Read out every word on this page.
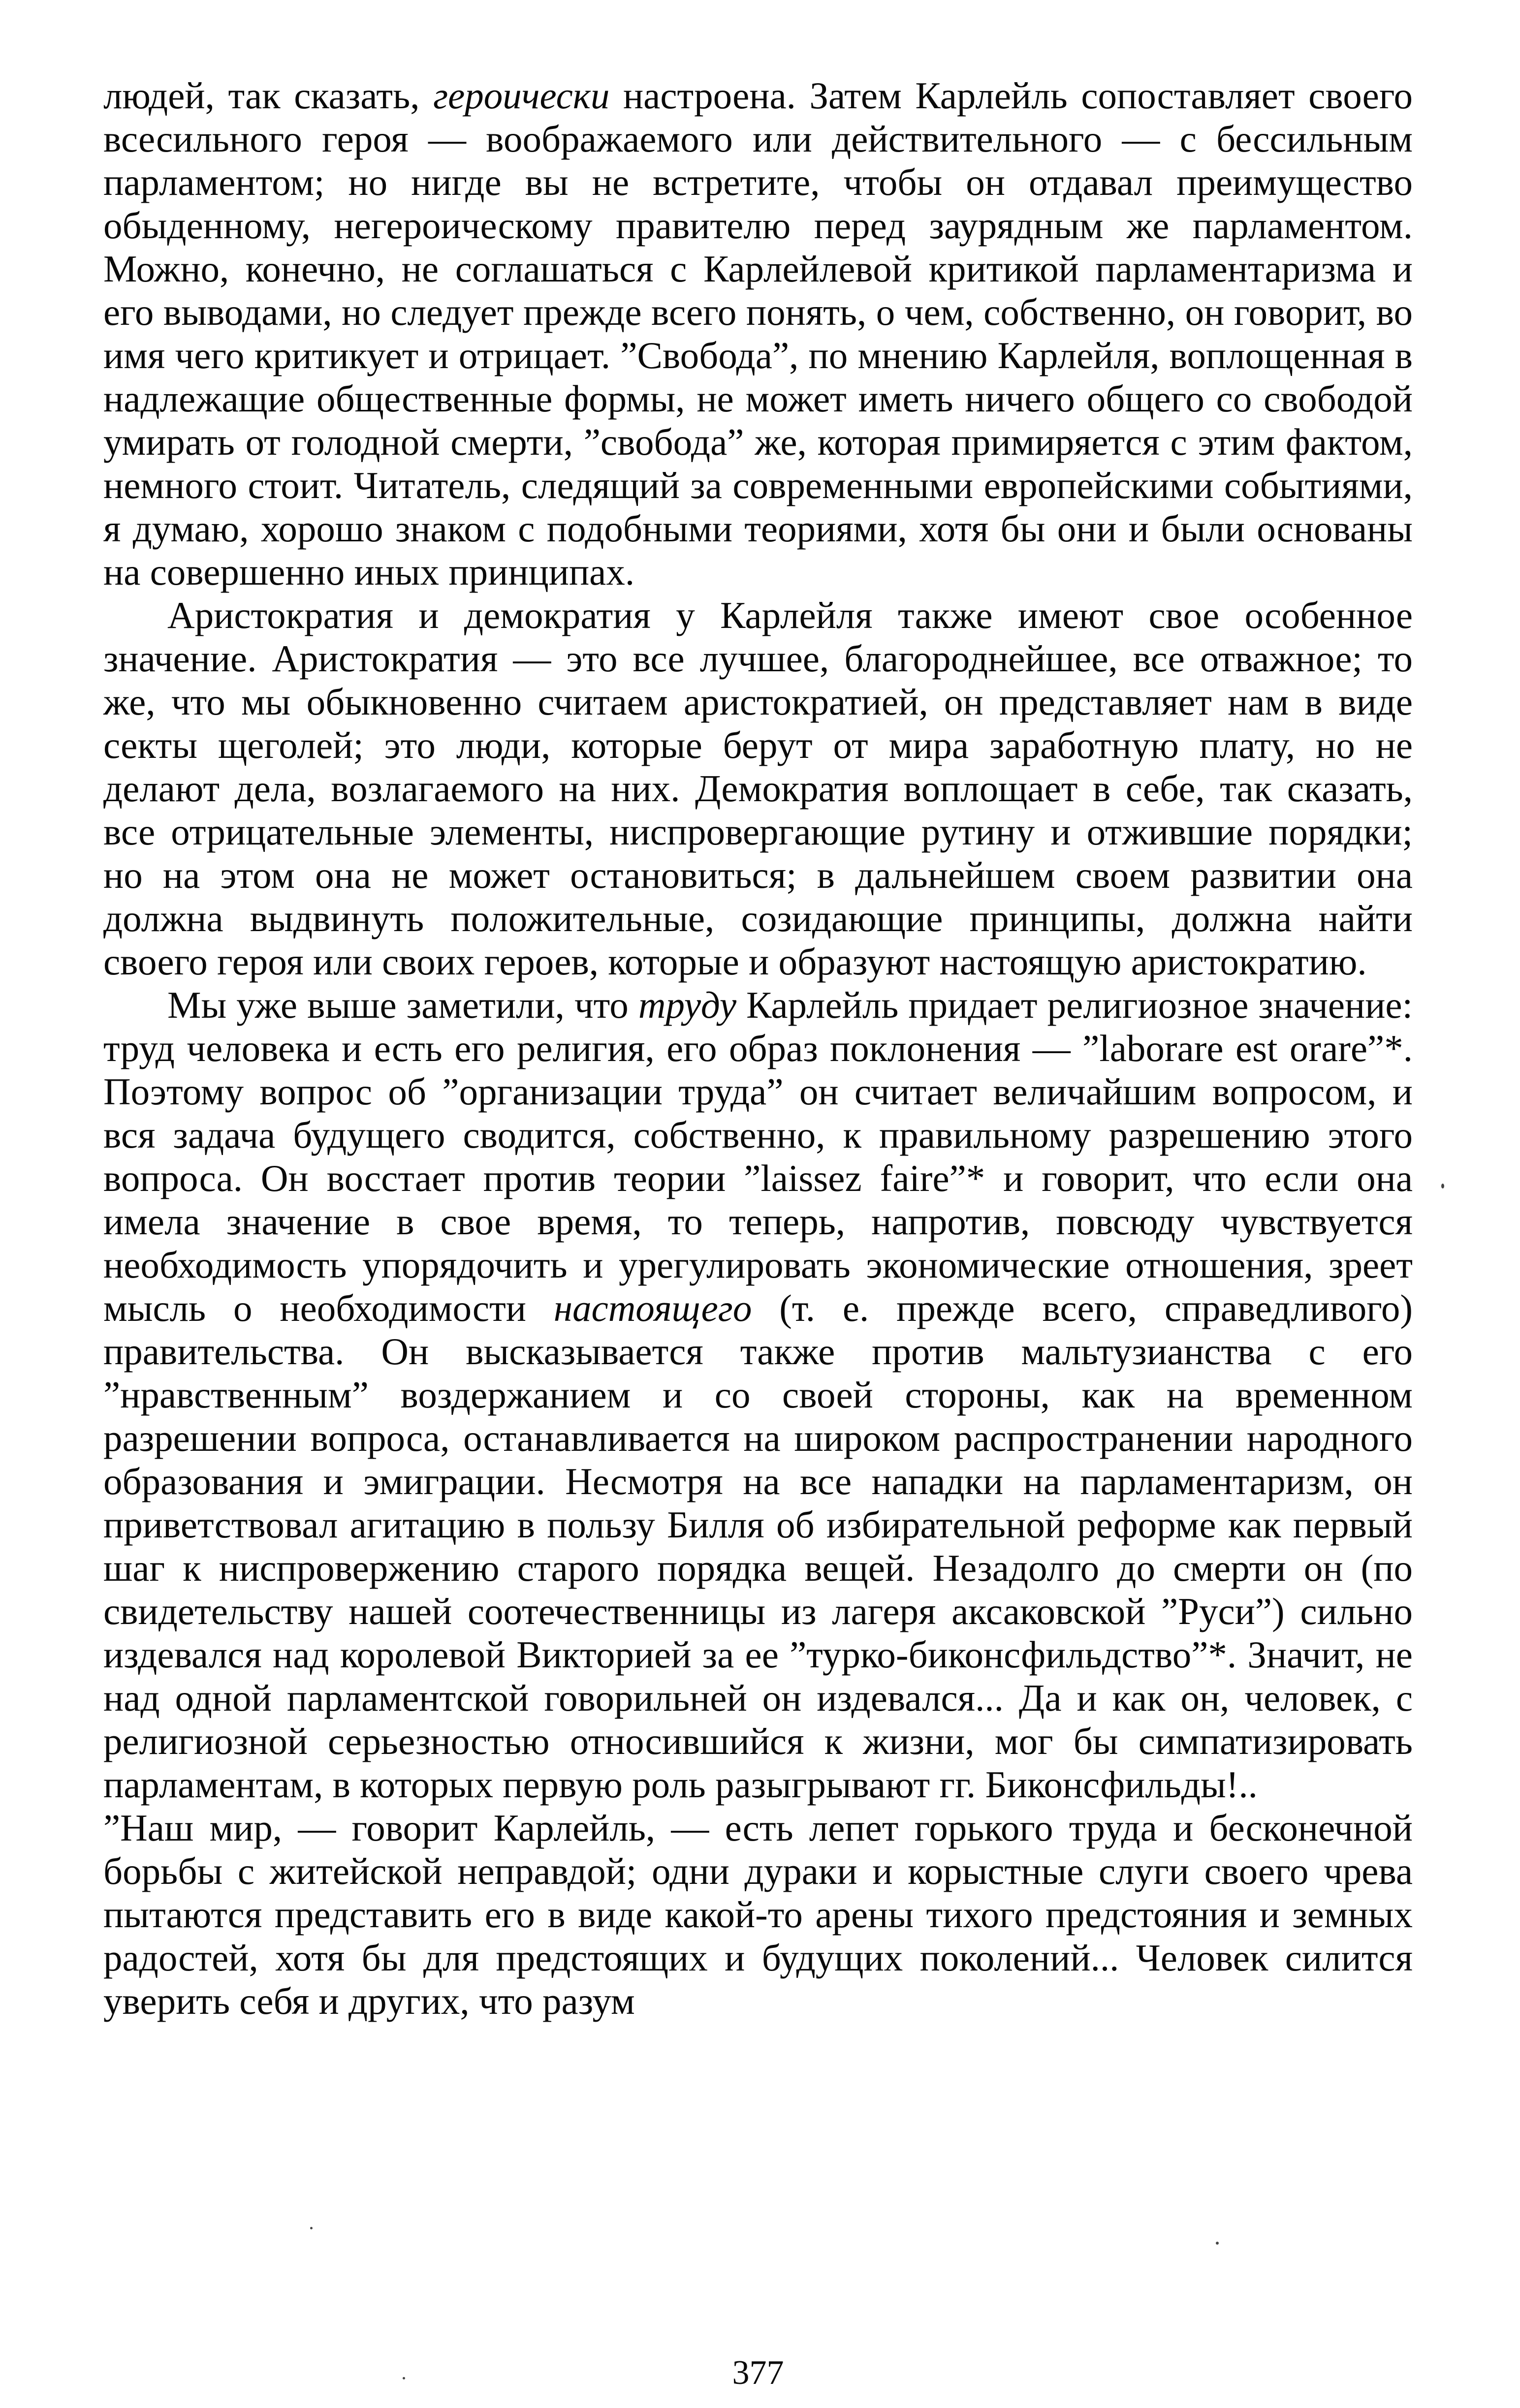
людей, так сказать, героически настроена. Затем Карлейль сопоставляет своего всесильного героя — воображаемого или действительного — с бессильным парламентом; но нигде вы не встретите, чтобы он отдавал преимущество обыденному, негероическому правителю перед заурядным же парламентом. Можно, конечно, не соглашаться с Карлейлевой критикой парламентаризма и его выводами, но следует прежде всего понять, о чем, собственно, он говорит, во имя чего критикует и отрицает. ”Свобода”, по мнению Карлейля, воплощенная в надлежащие общественные формы, не может иметь ничего общего со свободой умирать от голодной смерти, ”свобода” же, которая примиряется с этим фактом, немного стоит. Читатель, следящий за современными европейскими событиями, я думаю, хорошо знаком с подобными теориями, хотя бы они и были основаны на совершенно иных принципах.

Аристократия и демократия у Карлейля также имеют свое особенное значение. Аристократия — это все лучшее, благороднейшее, все отважное; то же, что мы обыкновенно считаем аристократией, он представляет нам в виде секты щеголей; это люди, которые берут от мира заработную плату, но не делают дела, возлагаемого на них. Демократия воплощает в себе, так сказать, все отрицательные элементы, ниспровергающие рутину и отжившие порядки; но на этом она не может остановиться; в дальнейшем своем развитии она должна выдвинуть положительные, созидающие принципы, должна найти своего героя или своих героев, которые и образуют настоящую аристократию.

Мы уже выше заметили, что труду Карлейль придает религиозное значение: труд человека и есть его религия, его образ поклонения — ”laborare est orare”*. Поэтому вопрос об ”организации труда” он считает величайшим вопросом, и вся задача будущего сводится, собственно, к правильному разрешению этого вопроса. Он восстает против теории ”laissez faire”* и говорит, что если она имела значение в свое время, то теперь, напротив, повсюду чувствуется необходимость упорядочить и урегулировать экономические отношения, зреет мысль о необходимости настоящего (т. е. прежде всего, справедливого) правительства. Он высказывается также против мальтузианства с его ”нравственным” воздержанием и со своей стороны, как на временном разрешении вопроса, останавливается на широком распространении народного образования и эмиграции. Несмотря на все нападки на парламентаризм, он приветствовал агитацию в пользу Билля об избирательной реформе как первый шаг к ниспровержению старого порядка вещей. Незадолго до смерти он (по свидетельству нашей соотечественницы из лагеря аксаковской ”Руси”) сильно издевался над королевой Викторией за ее ”турко-биконсфильдство”*. Значит, не над одной парламентской говорильней он издевался... Да и как он, человек, с религиозной серьезностью относившийся к жизни, мог бы симпатизировать парламентам, в которых первую роль разыгрывают гг. Биконсфильды!..

”Наш мир, — говорит Карлейль, — есть лепет горького труда и бесконечной борьбы с житейской неправдой; одни дураки и корыстные слуги своего чрева пытаются представить его в виде какой-то арены тихого предстояния и земных радостей, хотя бы для предстоящих и будущих поколений... Человек силится уверить себя и других, что разум

377
